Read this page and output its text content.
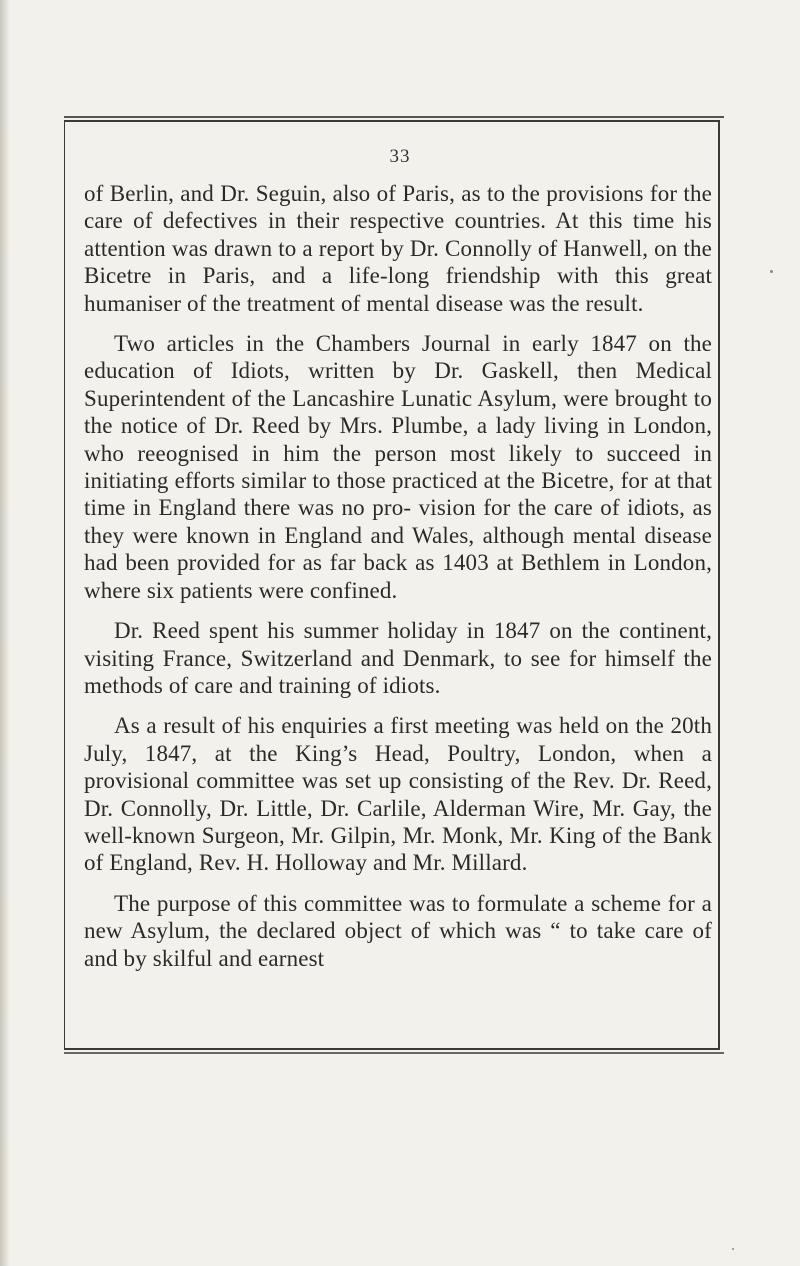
33

of Berlin, and Dr. Seguin, also of Paris, as to the provisions for the care of defectives in their respective countries. At this time his attention was drawn to a report by Dr. Connolly of Hanwell, on the Bicetre in Paris, and a life-long friendship with this great humaniser of the treatment of mental disease was the result.

Two articles in the Chambers Journal in early 1847 on the education of Idiots, written by Dr. Gaskell, then Medical Superintendent of the Lancashire Lunatic Asylum, were brought to the notice of Dr. Reed by Mrs. Plumbe, a lady living in London, who reeognised in him the person most likely to succeed in initiating efforts similar to those practiced at the Bicetre, for at that time in England there was no pro- vision for the care of idiots, as they were known in England and Wales, although mental disease had been provided for as far back as 1403 at Bethlem in London, where six patients were confined.

Dr. Reed spent his summer holiday in 1847 on the continent, visiting France, Switzerland and Denmark, to see for himself the methods of care and training of idiots.

As a result of his enquiries a first meeting was held on the 20th July, 1847, at the King’s Head, Poultry, London, when a provisional committee was set up consisting of the Rev. Dr. Reed, Dr. Connolly, Dr. Little, Dr. Carlile, Alderman Wire, Mr. Gay, the well-known Surgeon, Mr. Gilpin, Mr. Monk, Mr. King of the Bank of England, Rev. H. Holloway and Mr. Millard.

The purpose of this committee was to formulate a scheme for a new Asylum, the declared object of which was “ to take care of and by skilful and earnest
